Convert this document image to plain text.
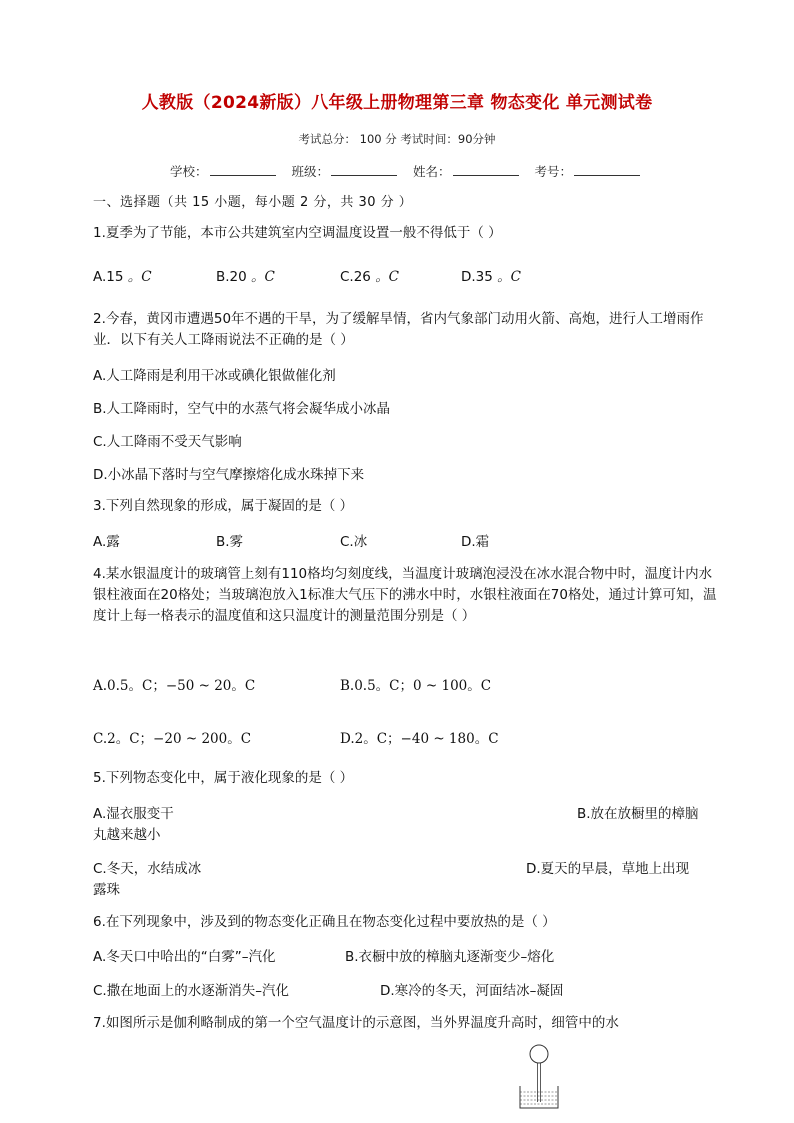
人教版（2024新版）八年级上册物理第三章 物态变化 单元测试卷
考试总分： 100 分 考试时间：90分钟
学校：	班级：	姓名：	考号：
一、选择题（共 15 小题，每小题 2 分，共 30 分 ）
1.夏季为了节能，本市公共建筑室内空调温度设置一般不得低于（ ）
A.15 。C	B.20 。C	C.26 。C	D.35 。C
2.今春，黄冈市遭遇50年不遇的干旱，为了缓解旱情，省内气象部门动用火箭、高炮，进行人工增雨作业．以下有关人工降雨说法不正确的是（ ）
A.人工降雨是利用干冰或碘化银做催化剂
B.人工降雨时，空气中的水蒸气将会凝华成小冰晶
C.人工降雨不受天气影响
D.小冰晶下落时与空气摩擦熔化成水珠掉下来
3.下列自然现象的形成，属于凝固的是（ ）
A.露	B.雾	C.冰	D.霜
4.某水银温度计的玻璃管上刻有110格均匀刻度线，当温度计玻璃泡浸没在冰水混合物中时，温度计内水银柱液面在20格处；当玻璃泡放入1标准大气压下的沸水中时，水银柱液面在70格处，通过计算可知，温度计上每一格表示的温度值和这只温度计的测量范围分别是（ ）
A.0.5。C；−50 ~ 20。C	B.0.5。C；0 ~ 100。C
C.2。C；−20 ~ 200。C	D.2。C；−40 ~ 180。C
5.下列物态变化中，属于液化现象的是（ ）
A.湿衣服变干	B.放在放橱里的樟脑
丸越来越小
C.冬天，水结成冰	D.夏天的早晨，草地上出现
露珠
6.在下列现象中，涉及到的物态变化正确且在物态变化过程中要放热的是（ ）
A.冬天口中哈出的“白雾”–汽化	B.衣橱中放的樟脑丸逐渐变少–熔化
C.撒在地面上的水逐渐消失–汽化	D.寒冷的冬天，河面结冰–凝固
7.如图所示是伽利略制成的第一个空气温度计的示意图，当外界温度升高时，细管中的水
